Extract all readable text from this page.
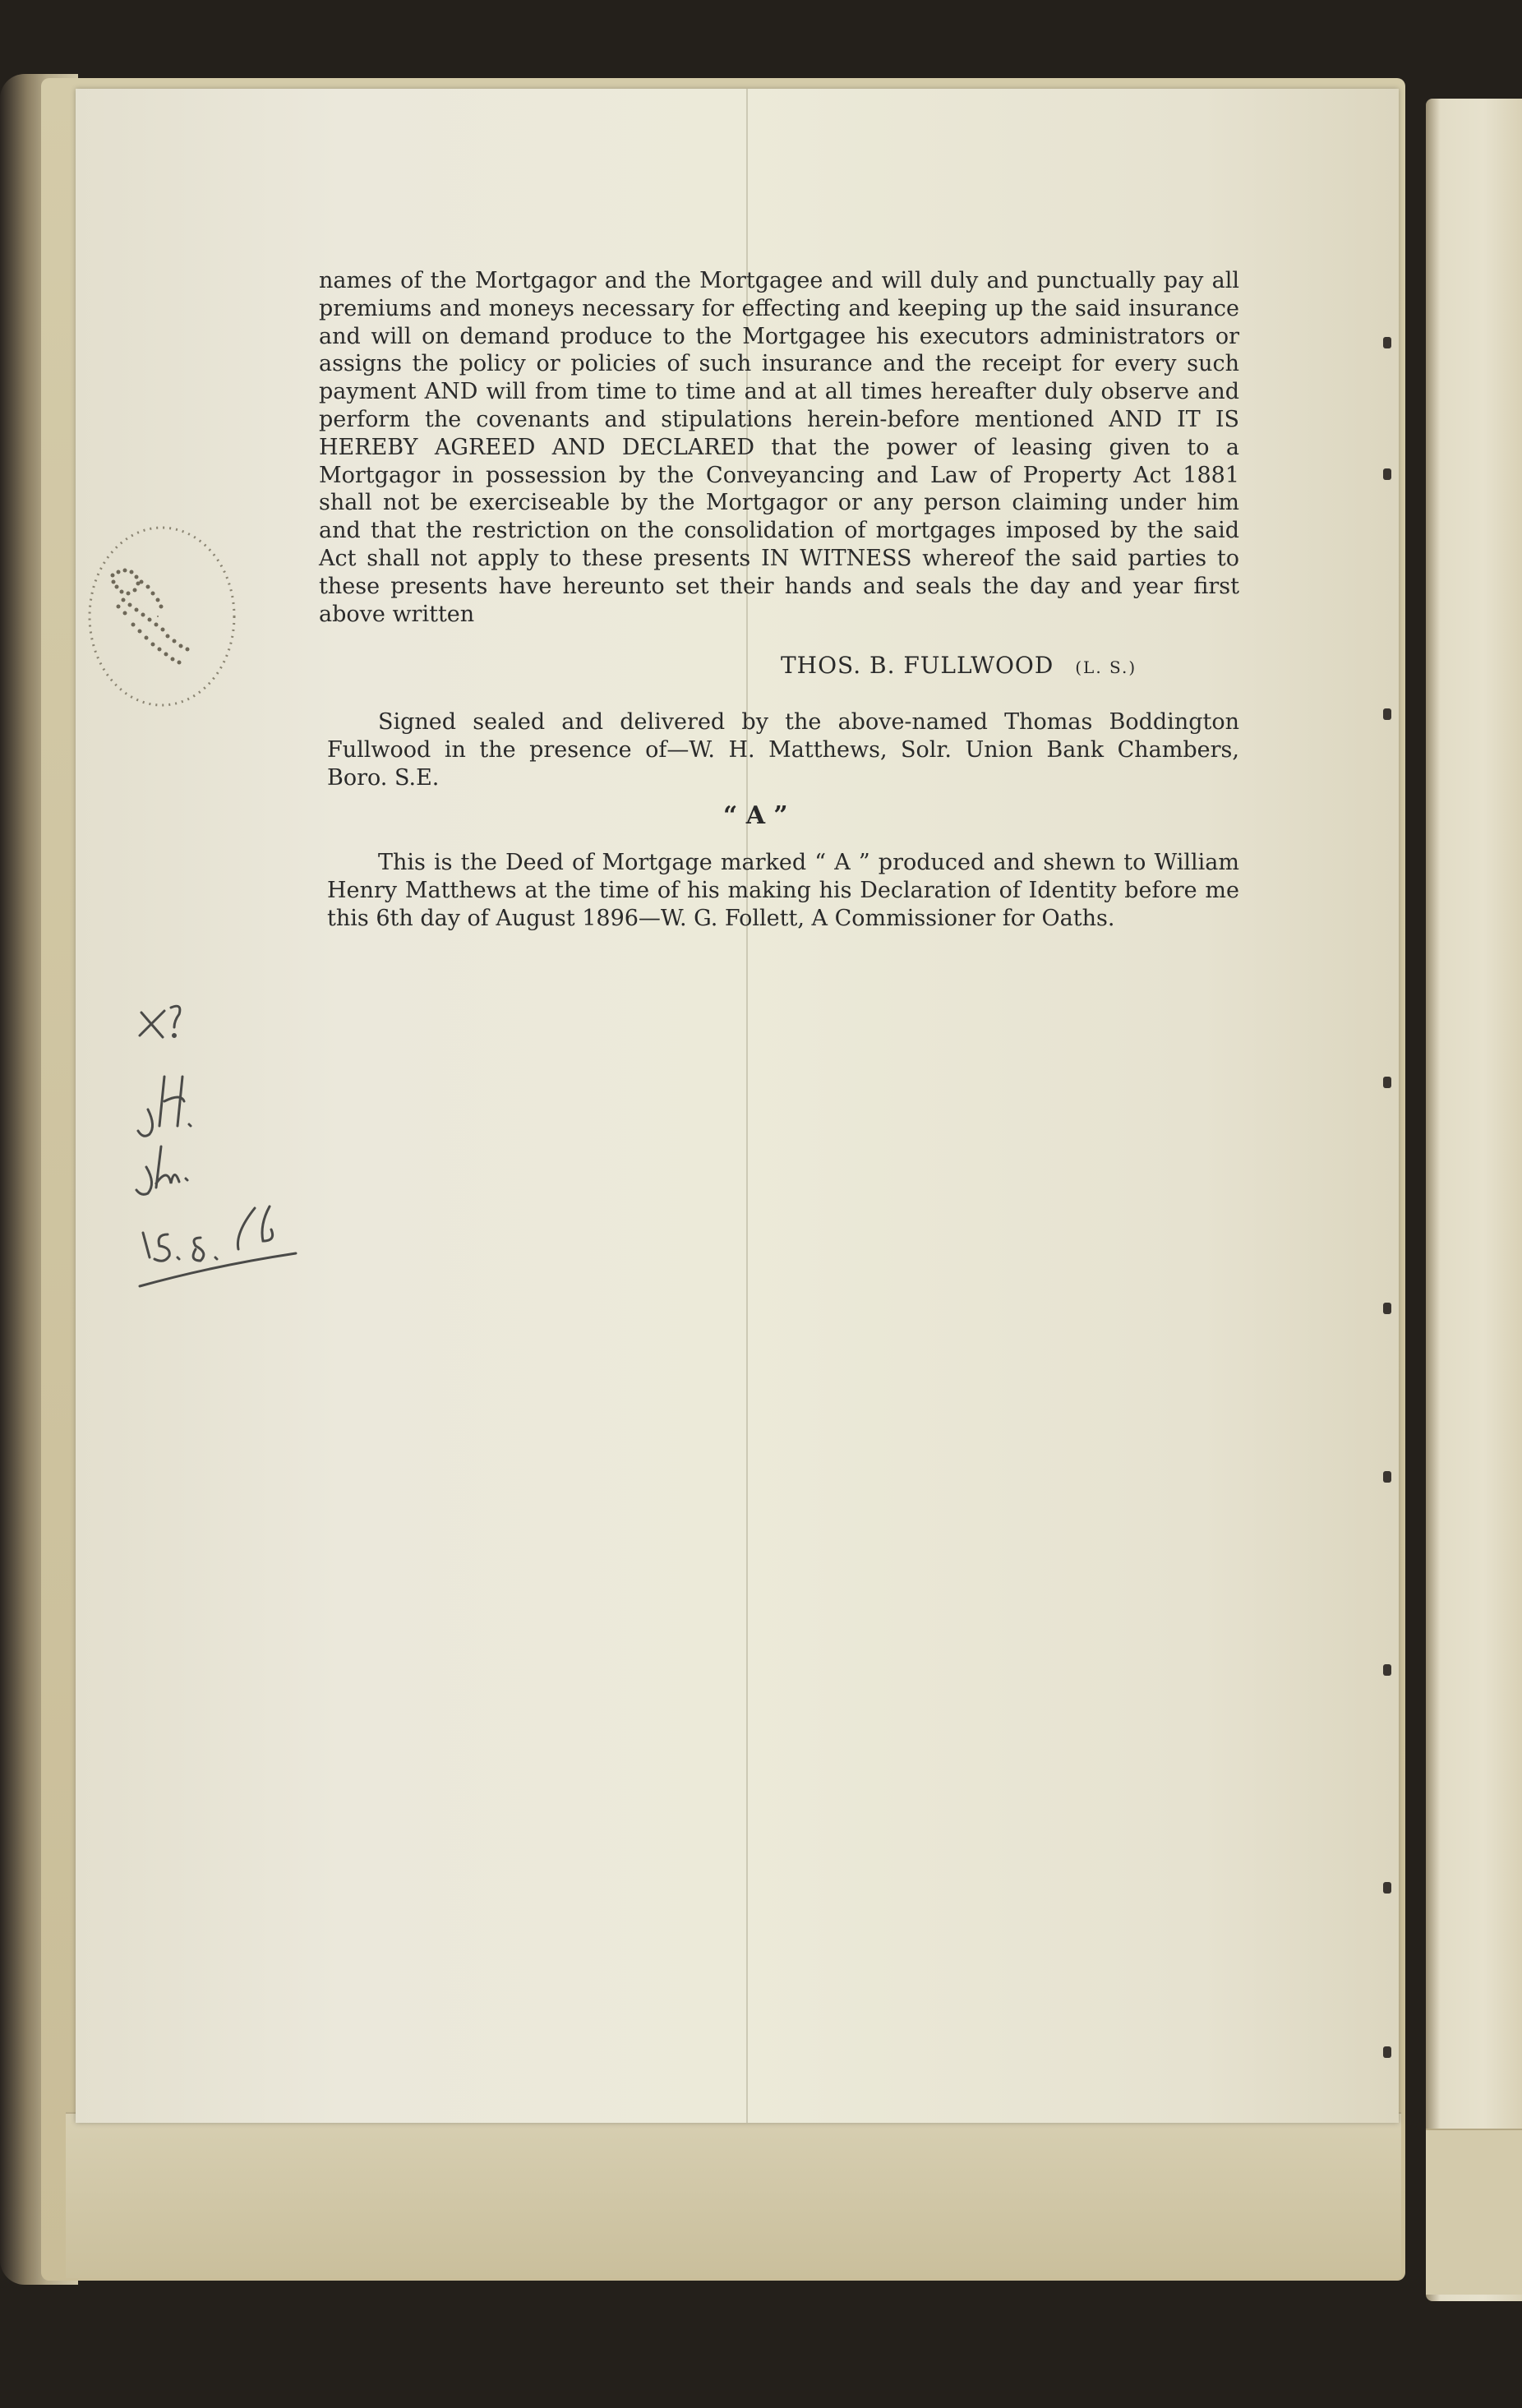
names of the Mortgagor and the Mortgagee and will duly and punctually pay all premiums and moneys necessary for effecting and keeping up the said insurance and will on demand produce to the Mortgagee his executors administrators or assigns the policy or policies of such insurance and the receipt for every such payment AND will from time to time and at all times hereafter duly observe and perform the covenants and stipulations herein-before mentioned AND IT IS HEREBY AGREED AND DECLARED that the power of leasing given to a Mortgagor in possession by the Conveyancing and Law of Property Act 1881 shall not be exerciseable by the Mortgagor or any person claiming under him and that the restriction on the consolidation of mortgages imposed by the said Act shall not apply to these presents IN WITNESS whereof the said parties to these presents have hereunto set their hands and seals the day and year first above written

THOS. B. FULLWOOD (L. S.)
Signed sealed and delivered by the above-named Thomas Boddington Fullwood in the presence of—W. H. Matthews, Solr. Union Bank Chambers, Boro. S.E.
“ A ”
This is the Deed of Mortgage marked “ A ” produced and shewn to William Henry Matthews at the time of his making his Declaration of Identity before me this 6th day of August 1896—W. G. Follett, A Commissioner for Oaths.
